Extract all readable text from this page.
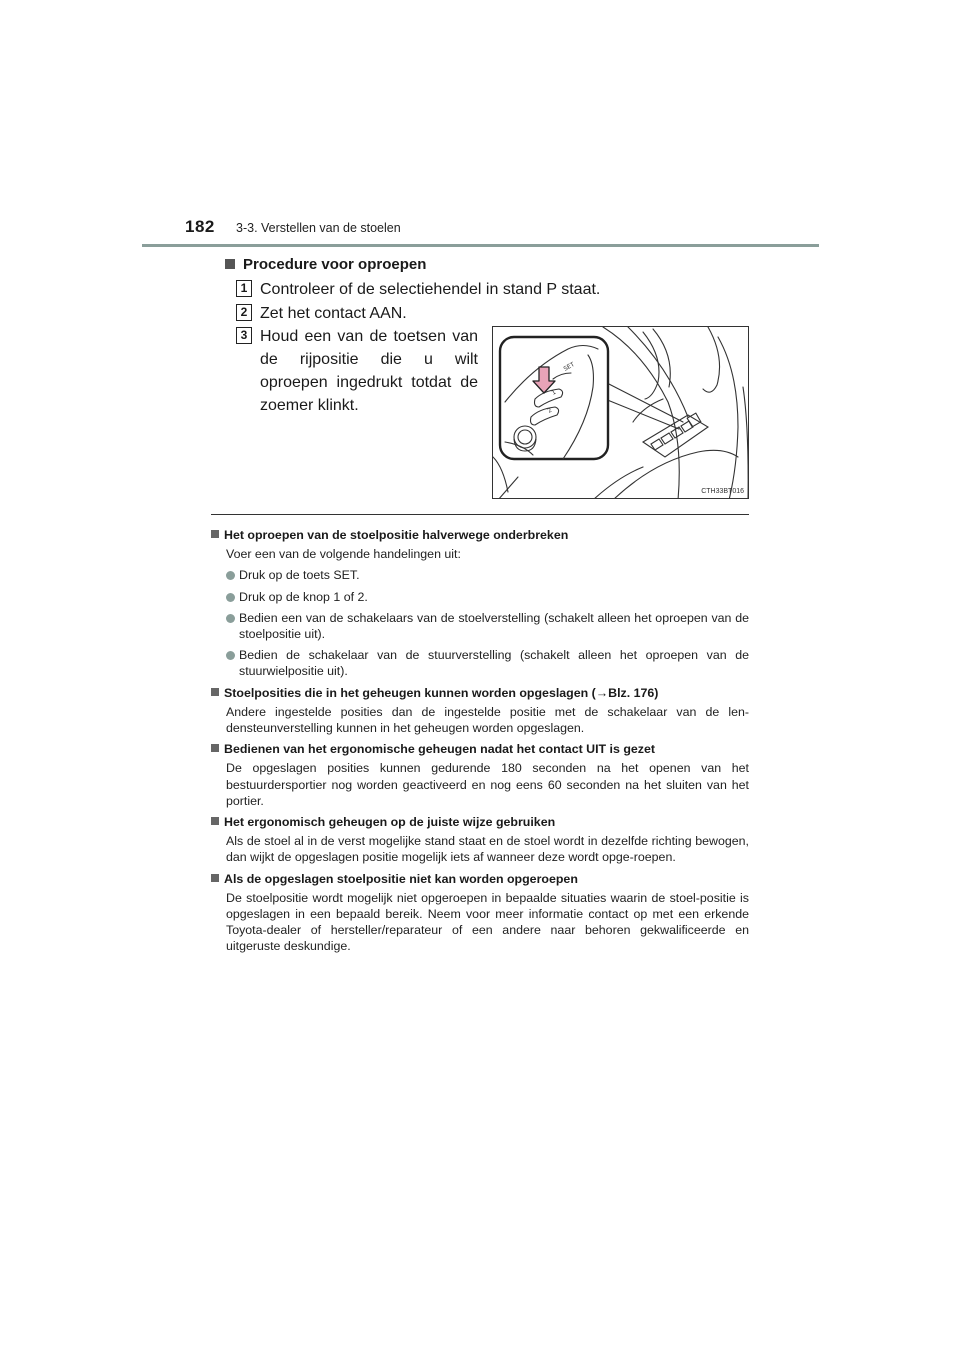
182 3-3. Verstellen van de stoelen
Procedure voor oproepen
1 Controleer of de selectiehendel in stand P staat.
2 Zet het contact AAN.
3 Houd een van de toetsen van de rijpositie die u wilt oproepen ingedrukt totdat de zoemer klinkt.
SET
1
2
CTH33BT016
Het oproepen van de stoelpositie halverwege onderbreken
Voer een van de volgende handelingen uit:
Druk op de toets SET.
Druk op de knop 1 of 2.
Bedien een van de schakelaars van de stoelverstelling (schakelt alleen het oproepen van de stoelpositie uit).
Bedien de schakelaar van de stuurverstelling (schakelt alleen het oproepen van de stuurwielpositie uit).
Stoelposities die in het geheugen kunnen worden opgeslagen (→Blz. 176)
Andere ingestelde posities dan de ingestelde positie met de schakelaar van de len-densteunverstelling kunnen in het geheugen worden opgeslagen.
Bedienen van het ergonomische geheugen nadat het contact UIT is gezet
De opgeslagen posities kunnen gedurende 180 seconden na het openen van het bestuurdersportier nog worden geactiveerd en nog eens 60 seconden na het sluiten van het portier.
Het ergonomisch geheugen op de juiste wijze gebruiken
Als de stoel al in de verst mogelijke stand staat en de stoel wordt in dezelfde richting bewogen, dan wijkt de opgeslagen positie mogelijk iets af wanneer deze wordt opge-roepen.
Als de opgeslagen stoelpositie niet kan worden opgeroepen
De stoelpositie wordt mogelijk niet opgeroepen in bepaalde situaties waarin de stoel-positie is opgeslagen in een bepaald bereik. Neem voor meer informatie contact op met een erkende Toyota-dealer of hersteller/reparateur of een andere naar behoren gekwalificeerde en uitgeruste deskundige.
